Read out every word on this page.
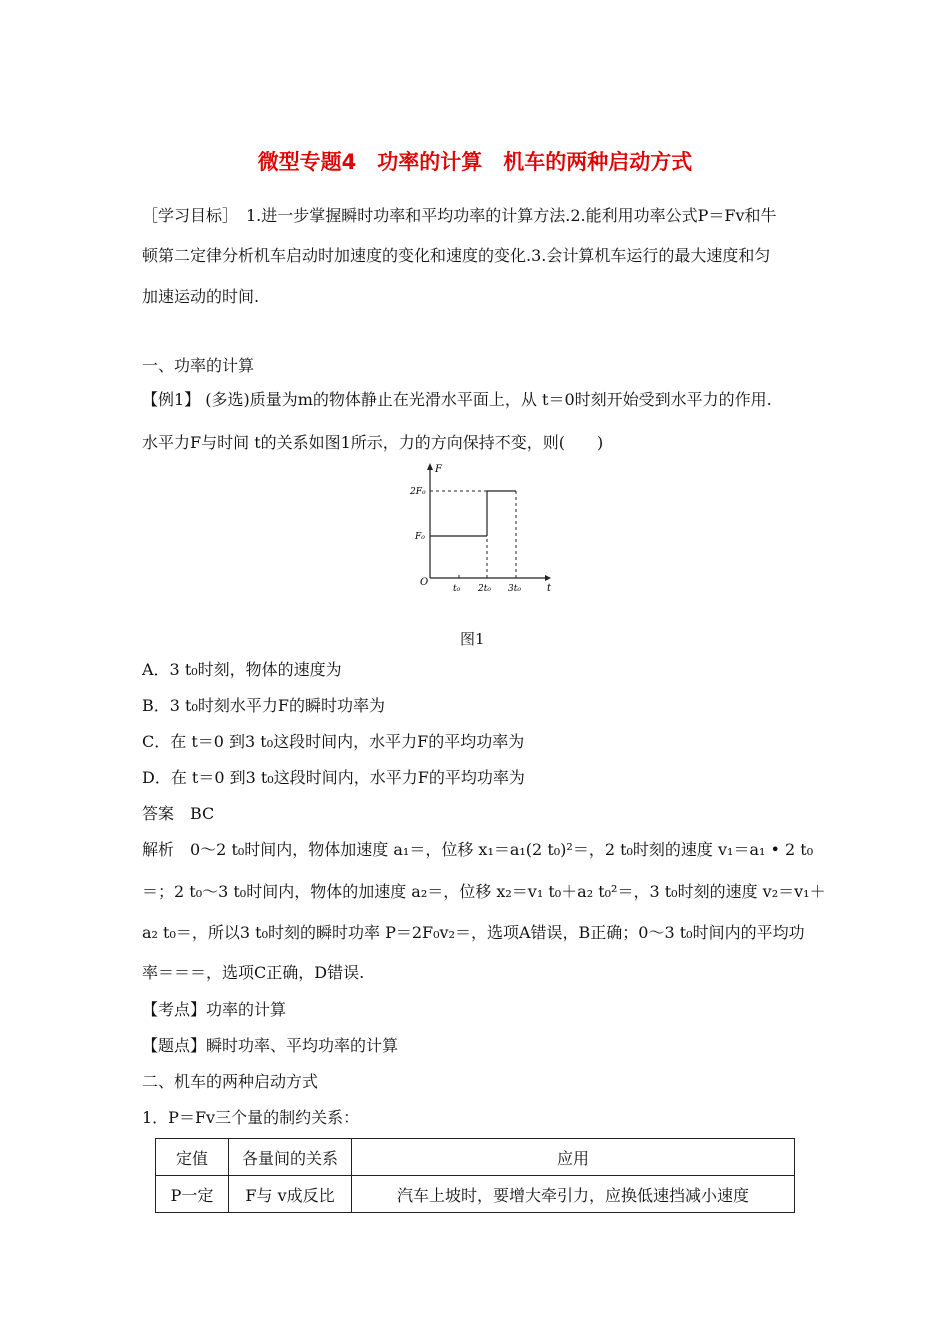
微型专题4　功率的计算　机车的两种启动方式
［学习目标］　1.进一步掌握瞬时功率和平均功率的计算方法.2.能利用功率公式P＝Fv和牛
顿第二定律分析机车启动时加速度的变化和速度的变化.3.会计算机车运行的最大速度和匀
加速运动的时间.
一、功率的计算
【例1】 (多选)质量为m的物体静止在光滑水平面上，从 t＝0时刻开始受到水平力的作用.
水平力F与时间 t的关系如图1所示，力的方向保持不变，则(　　)
F
t
O
2F₀
F₀
t₀ 2t₀ 3t₀
图1
A．3 t₀时刻，物体的速度为
B．3 t₀时刻水平力F的瞬时功率为
C．在 t＝0 到3 t₀这段时间内，水平力F的平均功率为
D．在 t＝0 到3 t₀这段时间内，水平力F的平均功率为
答案　BC
解析　0～2 t₀时间内，物体加速度 a₁＝，位移 x₁＝a₁(2 t₀)²＝，2 t₀时刻的速度 v₁＝a₁ • 2 t₀
＝；2 t₀～3 t₀时间内，物体的加速度 a₂＝，位移 x₂＝v₁ t₀＋a₂ t₀²＝，3 t₀时刻的速度 v₂＝v₁＋
a₂ t₀＝，所以3 t₀时刻的瞬时功率 P＝2F₀v₂＝，选项A错误，B正确；0～3 t₀时间内的平均功
率＝＝＝，选项C正确，D错误.
【考点】功率的计算
【题点】瞬时功率、平均功率的计算
二、机车的两种启动方式
1．P＝Fv三个量的制约关系：
定值	各量间的关系	应用
P一定	F与 v成反比	汽车上坡时，要增大牵引力，应换低速挡减小速度
